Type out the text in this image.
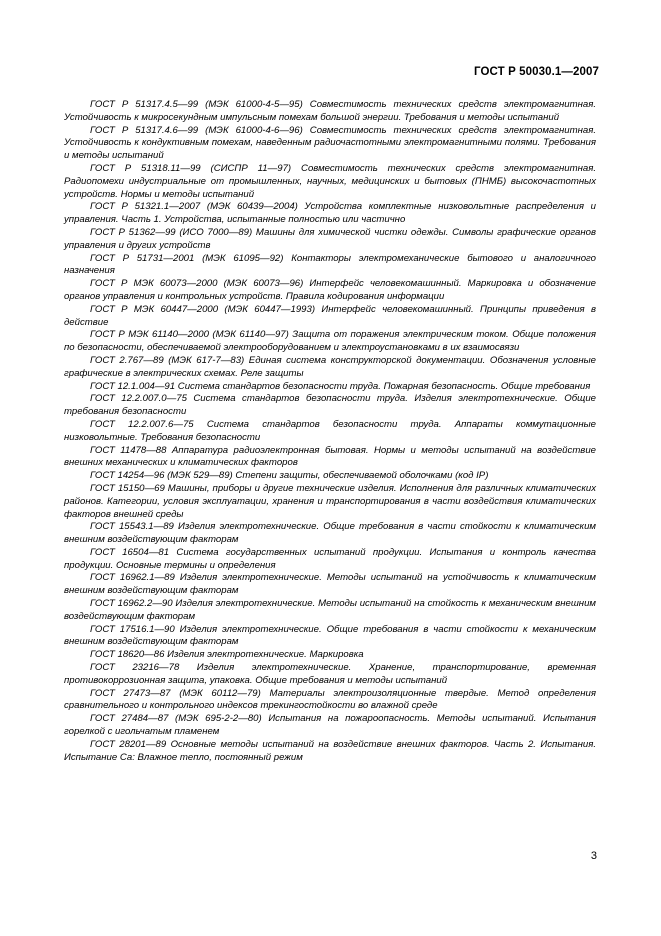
ГОСТ Р 50030.1—2007

ГОСТ Р 51317.4.5—99 (МЭК 61000-4-5—95) Совместимость технических средств электромагнитная. Устойчивость к микросекундным импульсным помехам большой энергии. Требования и методы испытаний

ГОСТ Р 51317.4.6—99 (МЭК 61000-4-6—96) Совместимость технических средств электромагнитная. Устойчивость к кондуктивным помехам, наведенным радиочастотными электромагнитными полями. Требования и методы испытаний

ГОСТ Р 51318.11—99 (СИСПР 11—97) Совместимость технических средств электромагнитная. Радиопомехи индустриальные от промышленных, научных, медицинских и бытовых (ПНМБ) высокочастотных устройств. Нормы и методы испытаний

ГОСТ Р 51321.1—2007 (МЭК 60439—2004) Устройства комплектные низковольтные распределения и управления. Часть 1. Устройства, испытанные полностью или частично

ГОСТ Р 51362—99 (ИСО 7000—89) Машины для химической чистки одежды. Символы графические органов управления и других устройств

ГОСТ Р 51731—2001 (МЭК 61095—92) Контакторы электромеханические бытового и аналогичного назначения

ГОСТ Р МЭК 60073—2000 (МЭК 60073—96) Интерфейс человекомашинный. Маркировка и обозначение органов управления и контрольных устройств. Правила кодирования информации

ГОСТ Р МЭК 60447—2000 (МЭК 60447—1993) Интерфейс человекомашинный. Принципы приведения в действие

ГОСТ Р МЭК 61140—2000 (МЭК 61140—97) Защита от поражения электрическим током. Общие положения по безопасности, обеспечиваемой электрооборудованием и электроустановками в их взаимосвязи

ГОСТ 2.767—89 (МЭК 617-7—83) Единая система конструкторской документации. Обозначения условные графические в электрических схемах. Реле защиты

ГОСТ 12.1.004—91 Система стандартов безопасности труда. Пожарная безопасность. Общие требования

ГОСТ 12.2.007.0—75 Система стандартов безопасности труда. Изделия электротехнические. Общие требования безопасности

ГОСТ 12.2.007.6—75 Система стандартов безопасности труда. Аппараты коммутационные низковольтные. Требования безопасности

ГОСТ 11478—88 Аппаратура радиоэлектронная бытовая. Нормы и методы испытаний на воздействие внешних механических и климатических факторов

ГОСТ 14254—96 (МЭК 529—89) Степени защиты, обеспечиваемой оболочками (код IP)

ГОСТ 15150—69 Машины, приборы и другие технические изделия. Исполнения для различных климатических районов. Категории, условия эксплуатации, хранения и транспортирования в части воздействия климатических факторов внешней среды

ГОСТ 15543.1—89 Изделия электротехнические. Общие требования в части стойкости к климатическим внешним воздействующим факторам

ГОСТ 16504—81 Система государственных испытаний продукции. Испытания и контроль качества продукции. Основные термины и определения

ГОСТ 16962.1—89 Изделия электротехнические. Методы испытаний на устойчивость к климатическим внешним воздействующим факторам

ГОСТ 16962.2—90 Изделия электротехнические. Методы испытаний на стойкость к механическим внешним воздействующим факторам

ГОСТ 17516.1—90 Изделия электротехнические. Общие требования в части стойкости к механическим внешним воздействующим факторам

ГОСТ 18620—86 Изделия электротехнические. Маркировка

ГОСТ 23216—78 Изделия электротехнические. Хранение, транспортирование, временная противокоррозионная защита, упаковка. Общие требования и методы испытаний

ГОСТ 27473—87 (МЭК 60112—79) Материалы электроизоляционные твердые. Метод определения сравнительного и контрольного индексов трекингостойкости во влажной среде

ГОСТ 27484—87 (МЭК 695-2-2—80) Испытания на пожароопасность. Методы испытаний. Испытания горелкой с игольчатым пламенем

ГОСТ 28201—89 Основные методы испытаний на воздействие внешних факторов. Часть 2. Испытания. Испытание Са: Влажное тепло, постоянный режим

3
